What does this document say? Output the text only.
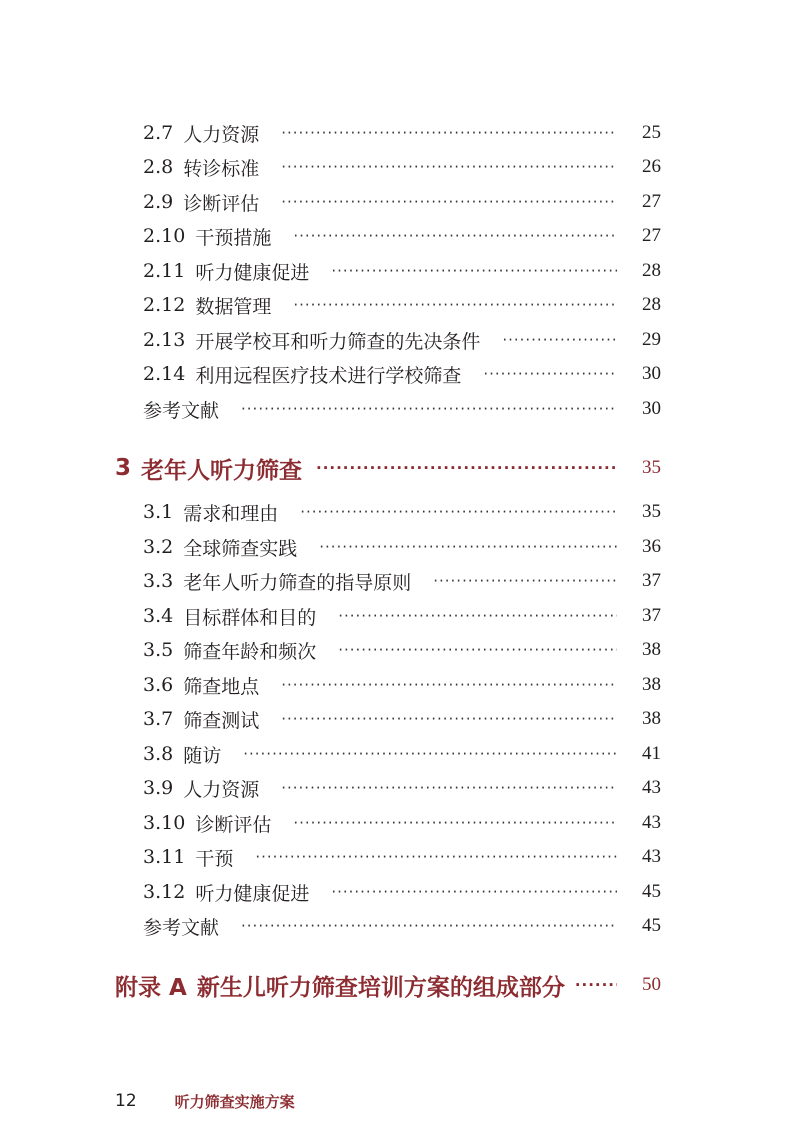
2.7 人力资源 ·····	25
2.8 转诊标准 ·····	26
2.9 诊断评估 ·····	27
2.10 干预措施 ·····	27
2.11 听力健康促进 ·····	28
2.12 数据管理 ·····	28
2.13 开展学校耳和听力筛查的先决条件 ·····	29
2.14 利用远程医疗技术进行学校筛查 ·····	30
参考文献 ·····	30
3 老年人听力筛查 ·····	35
3.1 需求和理由 ·····	35
3.2 全球筛查实践 ·····	36
3.3 老年人听力筛查的指导原则 ·····	37
3.4 目标群体和目的 ·····	37
3.5 筛查年龄和频次 ·····	38
3.6 筛查地点 ·····	38
3.7 筛查测试 ·····	38
3.8 随访 ·····	41
3.9 人力资源 ·····	43
3.10 诊断评估 ·····	43
3.11 干预 ·····	43
3.12 听力健康促进 ·····	45
参考文献 ·····	45
附录 A 新生儿听力筛查培训方案的组成部分 ·····	50
12	听力筛查实施方案
